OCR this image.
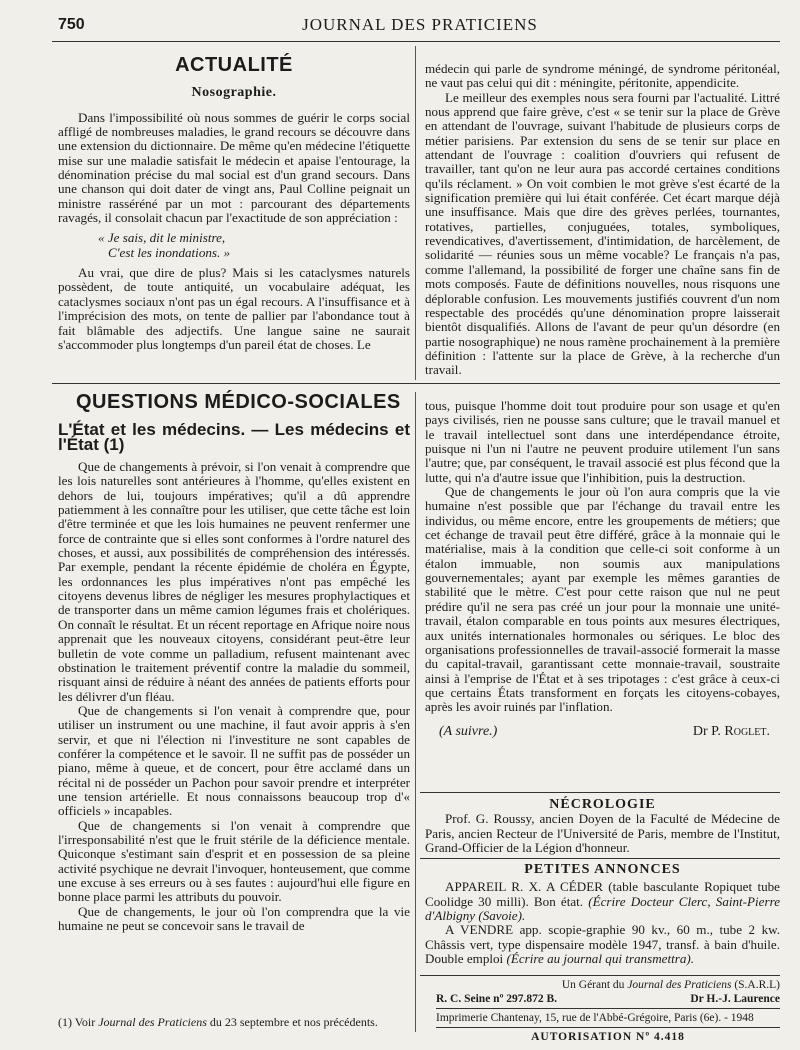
750	JOURNAL DES PRATICIENS
ACTUALITÉ
Nosographie.

Dans l'impossibilité où nous sommes de guérir le corps social affligé de nombreuses maladies, le grand recours se découvre dans une extension du dictionnaire. De même qu'en médecine l'étiquette mise sur une maladie satisfait le médecin et apaise l'entourage, la dénomination précise du mal social est d'un grand secours. Dans une chanson qui doit dater de vingt ans, Paul Colline peignait un ministre rasséréné par un mot : parcourant des départements ravagés, il consolait chacun par l'exactitude de son appréciation :

« Je sais, dit le ministre,
C'est les inondations. »

Au vrai, que dire de plus? Mais si les cataclysmes naturels possèdent, de toute antiquité, un vocabulaire adéquat, les cataclysmes sociaux n'ont pas un égal recours. A l'insuffisance et à l'imprécision des mots, on tente de pallier par l'abondance tout à fait blâmable des adjectifs. Une langue saine ne saurait s'accommoder plus longtemps d'un pareil état de choses. Le

médecin qui parle de syndrome méningé, de syndrome péritonéal, ne vaut pas celui qui dit : méningite, péritonite, appendicite.

Le meilleur des exemples nous sera fourni par l'actualité. Littré nous apprend que faire grève, c'est « se tenir sur la place de Grève en attendant de l'ouvrage, suivant l'habitude de plusieurs corps de métier parisiens. Par extension du sens de se tenir sur place en attendant de l'ouvrage : coalition d'ouvriers qui refusent de travailler, tant qu'on ne leur aura pas accordé certaines conditions qu'ils réclament. » On voit combien le mot grève s'est écarté de la signification première qui lui était conférée. Cet écart marque déjà une insuffisance. Mais que dire des grèves perlées, tournantes, rotatives, partielles, conjuguées, totales, symboliques, revendicatives, d'avertissement, d'intimidation, de harcèlement, de solidarité — réunies sous un même vocable? Le français n'a pas, comme l'allemand, la possibilité de forger une chaîne sans fin de mots composés. Faute de définitions nouvelles, nous risquons une déplorable confusion. Les mouvements justifiés couvrent d'un nom respectable des procédés qu'une dénomination propre laisserait bientôt disqualifiés. Allons de l'avant de peur qu'un désordre (en partie nosographique) ne nous ramène prochainement à la première définition : l'attente sur la place de Grève, à la recherche d'un travail.

QUESTIONS MÉDICO-SOCIALES
L'État et les médecins. — Les médecins et l'État (1)

Que de changements à prévoir, si l'on venait à comprendre que les lois naturelles sont antérieures à l'homme, qu'elles existent en dehors de lui, toujours impératives; qu'il a dû apprendre patiemment à les connaître pour les utiliser, que cette tâche est loin d'être terminée et que les lois humaines ne peuvent renfermer une force de contrainte que si elles sont conformes à l'ordre naturel des choses, et aussi, aux possibilités de compréhension des intéressés. Par exemple, pendant la récente épidémie de choléra en Égypte, les ordonnances les plus impératives n'ont pas empêché les citoyens devenus libres de négliger les mesures prophylactiques et de transporter dans un même camion légumes frais et cholériques. On connaît le résultat. Et un récent reportage en Afrique noire nous apprenait que les nouveaux citoyens, considérant peut-être leur bulletin de vote comme un palladium, refusent maintenant avec obstination le traitement préventif contre la maladie du sommeil, risquant ainsi de réduire à néant des années de patients efforts pour les délivrer d'un fléau.

Que de changements si l'on venait à comprendre que, pour utiliser un instrument ou une machine, il faut avoir appris à s'en servir, et que ni l'élection ni l'investiture ne sont capables de conférer la compétence et le savoir. Il ne suffit pas de posséder un piano, même à queue, et de concert, pour être acclamé dans un récital ni de posséder un Pachon pour savoir prendre et interpréter une tension artérielle. Et nous connaissons beaucoup trop d'« officiels » incapables.

Que de changements si l'on venait à comprendre que l'irresponsabilité n'est que le fruit stérile de la déficience mentale. Quiconque s'estimant sain d'esprit et en possession de sa pleine activité psychique ne devrait l'invoquer, honteusement, que comme une excuse à ses erreurs ou à ses fautes : aujourd'hui elle figure en bonne place parmi les attributs du pouvoir.

Que de changements, le jour où l'on comprendra que la vie humaine ne peut se concevoir sans le travail de

(1) Voir Journal des Praticiens du 23 septembre et nos précédents.

tous, puisque l'homme doit tout produire pour son usage et qu'en pays civilisés, rien ne pousse sans culture; que le travail manuel et le travail intellectuel sont dans une interdépendance étroite, puisque ni l'un ni l'autre ne peuvent produire utilement l'un sans l'autre; que, par conséquent, le travail associé est plus fécond que la lutte, qui n'a d'autre issue que l'inhibition, puis la destruction.

Que de changements le jour où l'on aura compris que la vie humaine n'est possible que par l'échange du travail entre les individus, ou même encore, entre les groupements de métiers; que cet échange de travail peut être différé, grâce à la monnaie qui le matérialise, mais à la condition que celle-ci soit conforme à un étalon immuable, non soumis aux manipulations gouvernementales; ayant par exemple les mêmes garanties de stabilité que le mètre. C'est pour cette raison que nul ne peut prédire qu'il ne sera pas créé un jour pour la monnaie une unité-travail, étalon comparable en tous points aux mesures électriques, aux unités internationales hormonales ou sériques. Le bloc des organisations professionnelles de travail-associé formerait la masse du capital-travail, garantissant cette monnaie-travail, soustraite ainsi à l'emprise de l'État et à ses tripotages : c'est grâce à ceux-ci que certains États transforment en forçats les citoyens-cobayes, après les avoir ruinés par l'inflation.

(A suivre.)	Dr P. Roglet.
NÉCROLOGIE

Prof. G. Roussy, ancien Doyen de la Faculté de Médecine de Paris, ancien Recteur de l'Université de Paris, membre de l'Institut, Grand-Officier de la Légion d'honneur.

PETITES ANNONCES

APPAREIL R. X. A CÉDER (table basculante Ropiquet tube Coolidge 30 milli). Bon état. (Écrire Docteur Clerc, Saint-Pierre d'Albigny (Savoie).

A VENDRE app. scopie-graphie 90 kv., 60 m., tube 2 kw. Châssis vert, type dispensaire modèle 1947, transf. à bain d'huile. Double emploi (Écrire au journal qui transmettra).

Un Gérant du Journal des Praticiens (S.A.R.L)
R. C. Seine nº 297.872 B.	Dr H.-J. Laurence
Imprimerie Chantenay, 15, rue de l'Abbé-Grégoire, Paris (6e). - 1948
AUTORISATION Nº 4.418
